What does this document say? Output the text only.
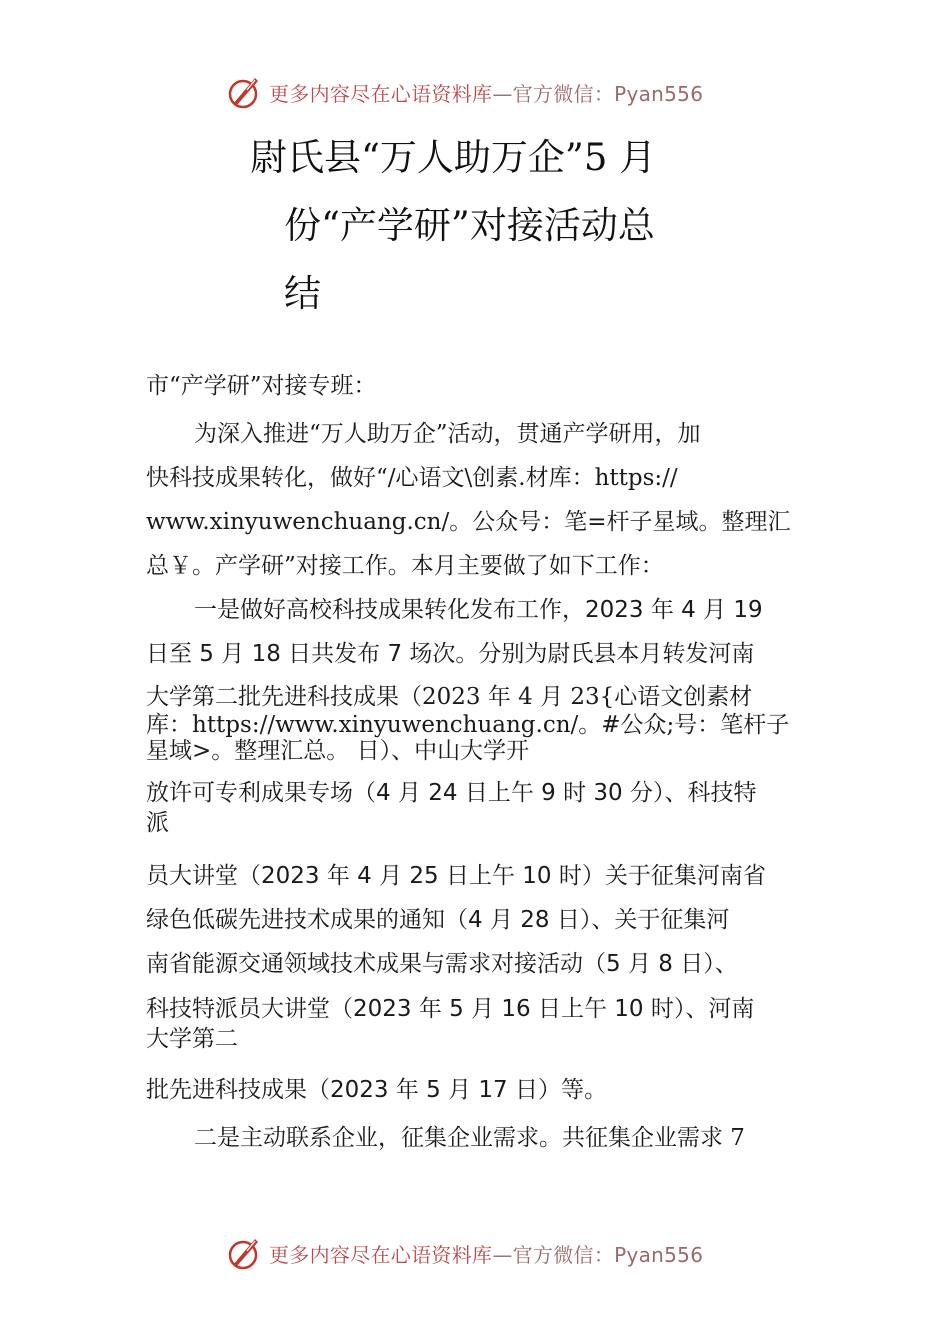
更多内容尽在心语资料库—官方微信：Pyan556
尉氏县“万人助万企”5 月
份“产学研”对接活动总
结

市“产学研”对接专班：

为深入推进“万人助万企”活动，贯通产学研用，加

快科技成果转化，做好“/心语文\创素.材库：https://

www.xinyuwenchuang.cn/。公众号：笔=杆子星域。整理汇

总￥。产学研”对接工作。本月主要做了如下工作：

一是做好高校科技成果转化发布工作，2023 年 4 月 19

日至 5 月 18 日共发布 7 场次。分别为尉氏县本月转发河南

大学第二批先进科技成果（2023 年 4 月 23{心语文创素材

库：https://www.xinyuwenchuang.cn/。#公众;号：笔杆子

星域>。整理汇总。 日）、中山大学开

放许可专利成果专场（4 月 24 日上午 9 时 30 分）、科技特

派

员大讲堂（2023 年 4 月 25 日上午 10 时）关于征集河南省

绿色低碳先进技术成果的通知（4 月 28 日）、关于征集河

南省能源交通领域技术成果与需求对接活动（5 月 8 日）、

科技特派员大讲堂（2023 年 5 月 16 日上午 10 时）、河南

大学第二

批先进科技成果（2023 年 5 月 17 日）等。

二是主动联系企业，征集企业需求。共征集企业需求 7

更多内容尽在心语资料库—官方微信：Pyan556
